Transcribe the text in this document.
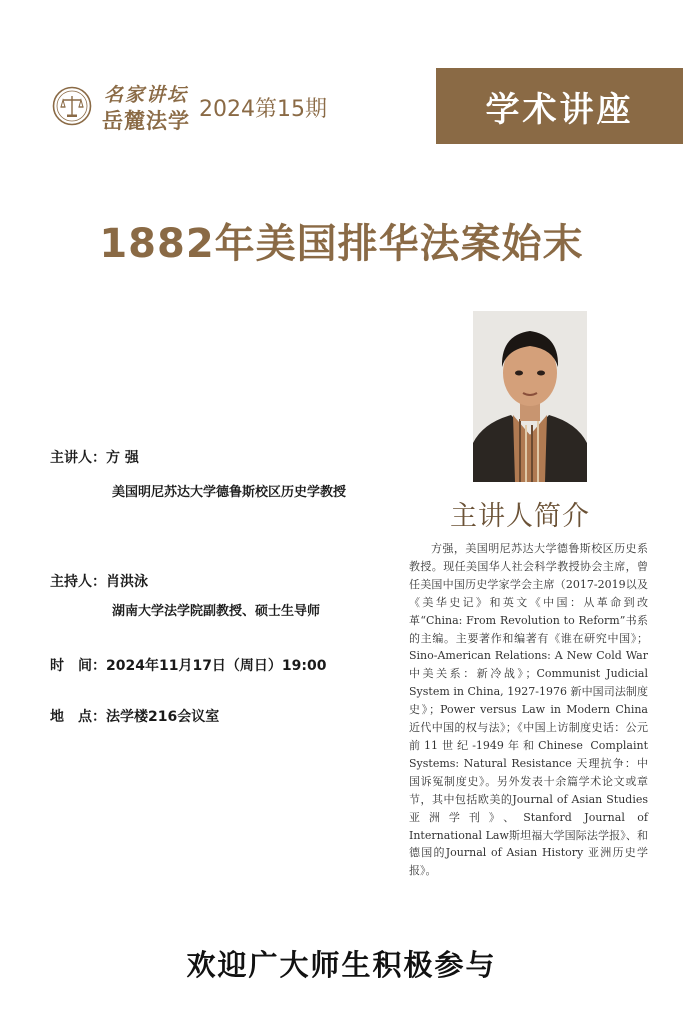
名家讲坛
岳麓法学 2024第15期	学术讲座
1882年美国排华法案始末
主讲人：方 强
美国明尼苏达大学德鲁斯校区历史学教授
主持人：肖洪泳
湖南大学法学院副教授、硕士生导师
时　间：2024年11月17日（周日）19:00
地　点：法学楼216会议室
主讲人简介
方强，美国明尼苏达大学德鲁斯校区历史系教授。现任美国华人社会科学教授协会主席，曾任美国中国历史学家学会主席（2017-2019以及《美华史记》和英文《中国：从革命到改革“China: From Revolution to Reform”书系的主编。主要著作和编著有《谁在研究中国》；Sino-American Relations: A New Cold War 中美关系：新冷战》；Communist Judicial System in China, 1927-1976 新中国司法制度史》；Power versus Law in Modern China 近代中国的权与法》；《中国上访制度史话：公元前11世纪-1949年和Chinese Complaint Systems: Natural Resistance 天理抗争：中国诉冤制度史》。另外发表十余篇学术论文或章节，其中包括欧美的Journal of Asian Studies亚洲学刊》、Stanford Journal of International Law斯坦福大学国际法学报》、和德国的Journal of Asian History 亚洲历史学报》。
欢迎广大师生积极参与
